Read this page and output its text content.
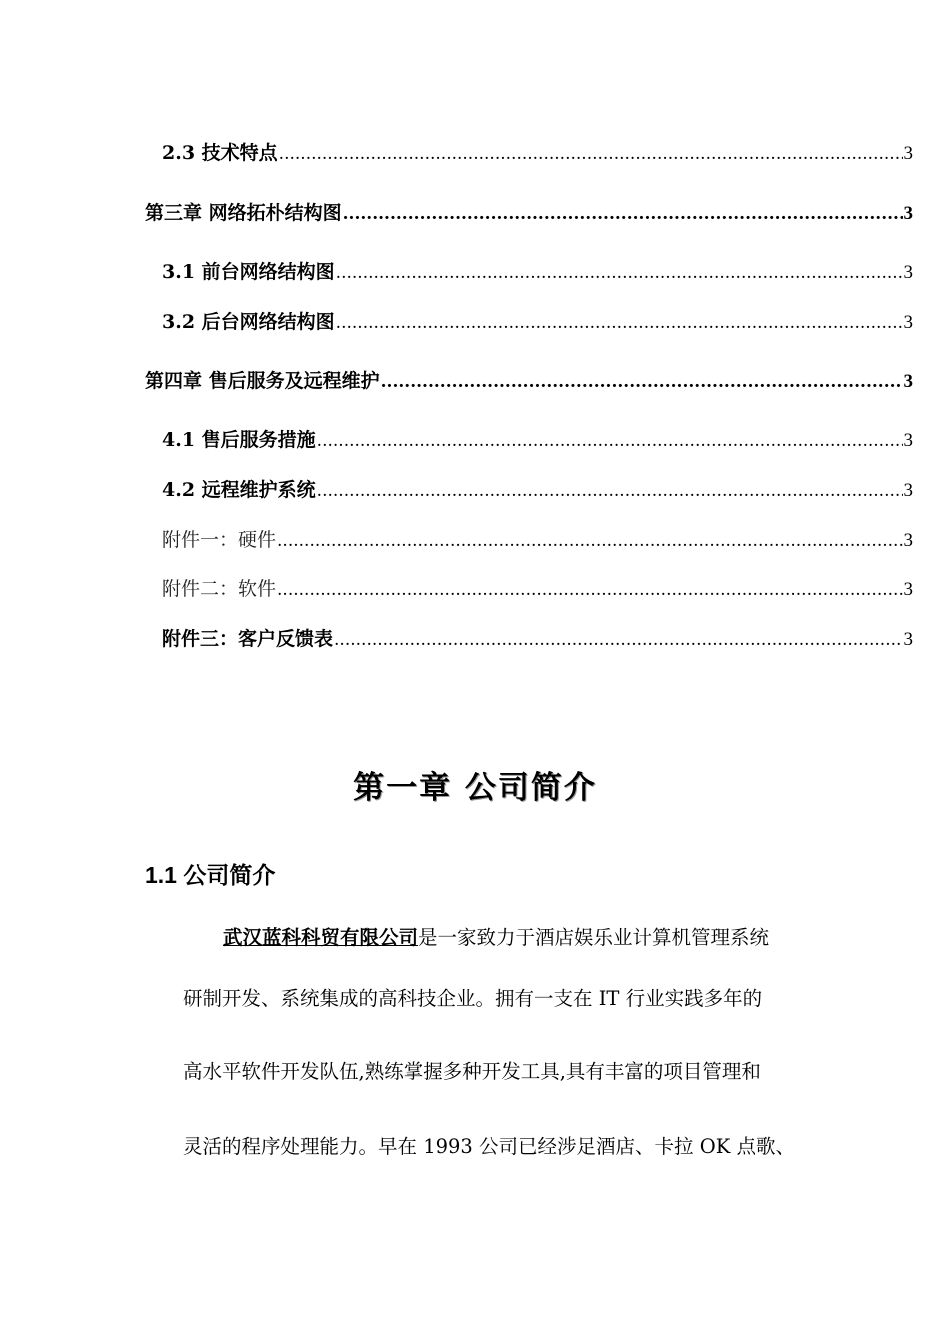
2.3 技术特点 .....	3
第三章 网络拓朴结构图 .....	3
3.1 前台网络结构图 .....	3
3.2 后台网络结构图 .....	3
第四章 售后服务及远程维护 .....	3
4.1 售后服务措施 .....	3
4.2 远程维护系统 .....	3
附件一：硬件 .....	3
附件二：软件 .....	3
附件三：客户反馈表 .....	3
第一章 公司简介
1.1 公司简介
武汉蓝科科贸有限公司是一家致力于酒店娱乐业计算机管理系统
研制开发、系统集成的高科技企业。拥有一支在 IT 行业实践多年的
高水平软件开发队伍,熟练掌握多种开发工具,具有丰富的项目管理和
灵活的程序处理能力。早在 1993 公司已经涉足酒店、卡拉 OK 点歌、
